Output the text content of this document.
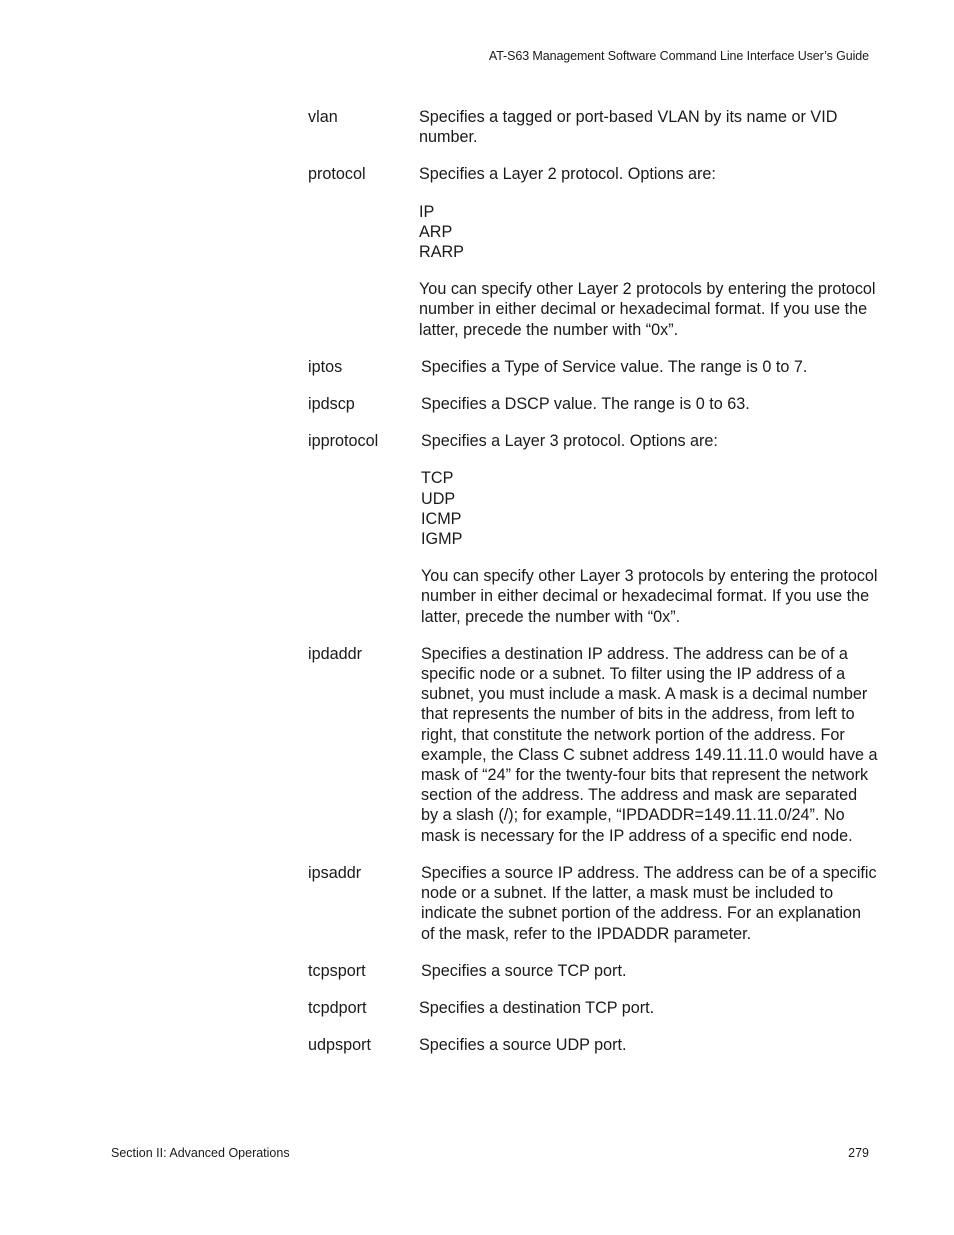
AT-S63 Management Software Command Line Interface User’s Guide
vlan	Specifies a tagged or port-based VLAN by its name or VID number.

protocol	Specifies a Layer 2 protocol. Options are:

IP
ARP
RARP

You can specify other Layer 2 protocols by entering the protocol number in either decimal or hexadecimal format. If you use the latter, precede the number with “0x”.

iptos	Specifies a Type of Service value. The range is 0 to 7.

ipdscp	Specifies a DSCP value. The range is 0 to 63.

ipprotocol	Specifies a Layer 3 protocol. Options are:

TCP
UDP
ICMP
IGMP

You can specify other Layer 3 protocols by entering the protocol number in either decimal or hexadecimal format. If you use the latter, precede the number with “0x”.

ipdaddr	Specifies a destination IP address. The address can be of a specific node or a subnet. To filter using the IP address of a subnet, you must include a mask. A mask is a decimal number that represents the number of bits in the address, from left to right, that constitute the network portion of the address. For example, the Class C subnet address 149.11.11.0 would have a mask of “24” for the twenty-four bits that represent the network section of the address. The address and mask are separated by a slash (/); for example, “IPDADDR=149.11.11.0/24”. No mask is necessary for the IP address of a specific end node.

ipsaddr	Specifies a source IP address. The address can be of a specific node or a subnet. If the latter, a mask must be included to indicate the subnet portion of the address. For an explanation of the mask, refer to the IPDADDR parameter.

tcpsport	Specifies a source TCP port.

tcpdport	Specifies a destination TCP port.

udpsport	Specifies a source UDP port.

Section II: Advanced Operations	279
